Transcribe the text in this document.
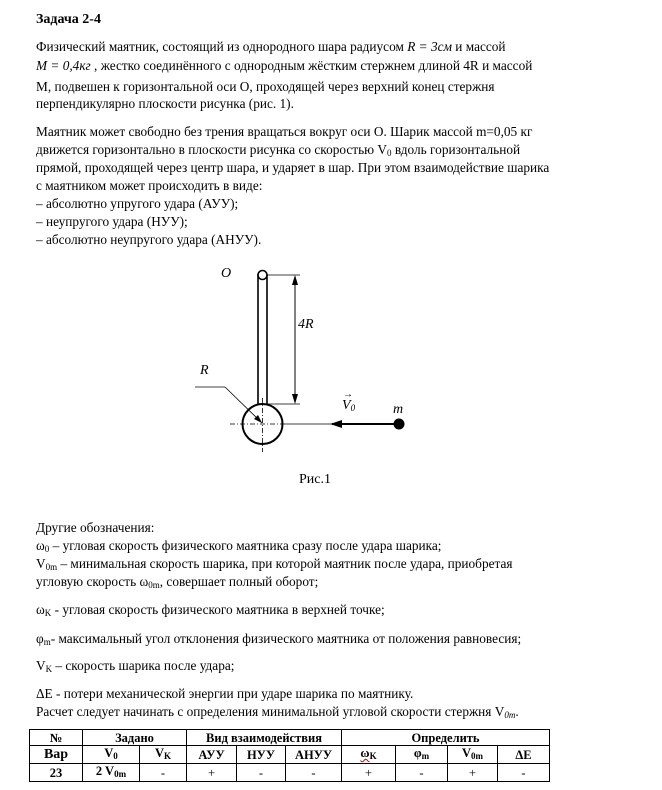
Задача 2-4
Физический маятник, состоящий из однородного шара радиусом R = 3см и массой
M = 0,4кг , жестко соединённого с однородным жёстким стержнем длиной 4R и массой
M, подвешен к горизонтальной оси O, проходящей через верхний конец стержня
перпендикулярно плоскости рисунка (рис. 1).
Маятник может свободно без трения вращаться вокруг оси O. Шарик массой m=0,05 кг
движется горизонтально в плоскости рисунка со скоростью $V_0$ вдоль горизонтальной
прямой, проходящей через центр шара, и ударяет в шар. При этом взаимодействие шарика
с маятником может происходить в виде:
– абсолютно упругого удара (АУУ);
– неупругого удара (НУУ);
– абсолютно неупругого удара (АНУУ).
O
4R
R
→
$V_0$	m
Рис.1
Другие обозначения:
$\omega_0$ – угловая скорость физического маятника сразу после удара шарика;
$V_{0m}$ – минимальная скорость шарика, при которой маятник после удара, приобретая
угловую скорость $\omega_{0m}$, совершает полный оборот;
$\omega_K$ - угловая скорость физического маятника в верхней точке;
$\varphi_m-$ максимальный угол отклонения физического маятника от положения равновесия;
$V_K$ – скорость шарика после удара;
ΔE - потери механической энергии при ударе шарика по маятнику.
Расчет следует начинать с определения минимальной угловой скорости стержня $V_{0m}$.
№	Задано		Вид взаимодействия			Определить			
Вар	$V_0$	$V_K$	АУУ	НУУ	АНУУ	$\omega_K$	$\varphi_m$	$V_{0m}$	ΔE
23	2 $V_{0m}$	-	+	-	-	+	-	+	-
